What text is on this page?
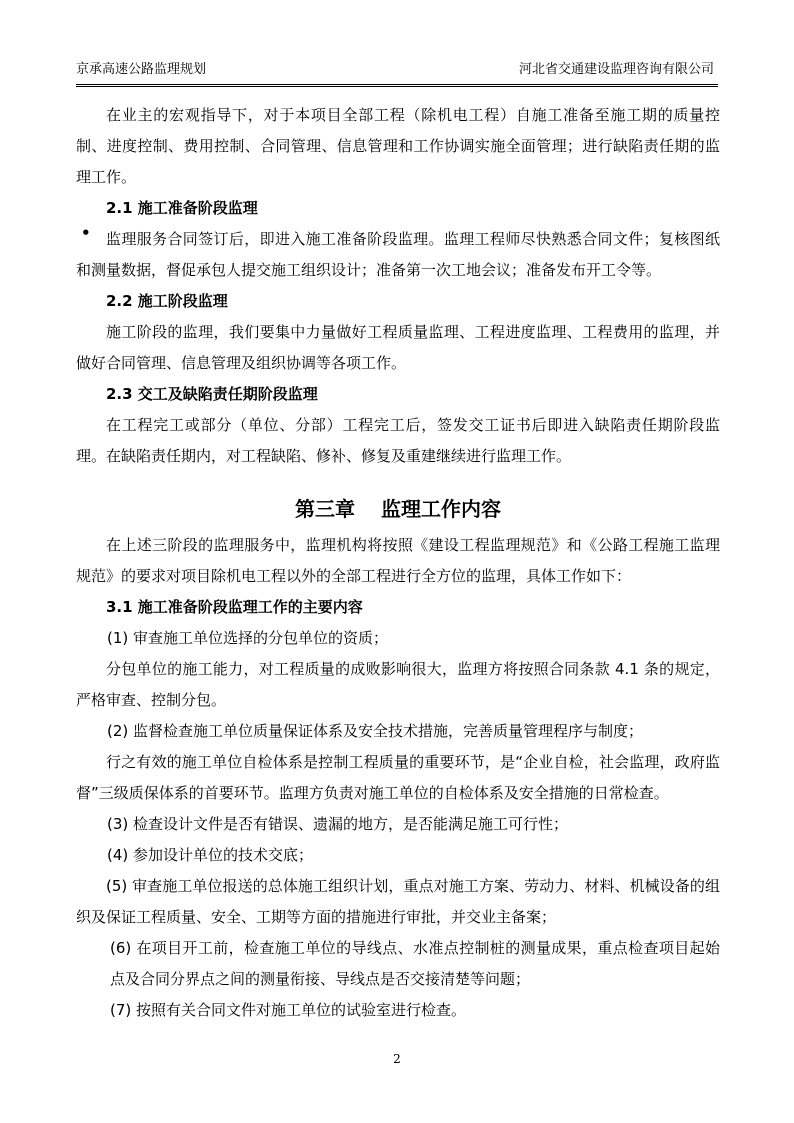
京承高速公路监理规划	河北省交通建设监理咨询有限公司

在业主的宏观指导下，对于本项目全部工程（除机电工程）自施工准备至施工期的质量控制、进度控制、费用控制、合同管理、信息管理和工作协调实施全面管理；进行缺陷责任期的监理工作。

2.1 施工准备阶段监理
•	监理服务合同签订后，即进入施工准备阶段监理。监理工程师尽快熟悉合同文件；复核图纸和测量数据，督促承包人提交施工组织设计；准备第一次工地会议；准备发布开工令等。

2.2 施工阶段监理

施工阶段的监理，我们要集中力量做好工程质量监理、工程进度监理、工程费用的监理，并做好合同管理、信息管理及组织协调等各项工作。

2.3 交工及缺陷责任期阶段监理

在工程完工或部分（单位、分部）工程完工后，签发交工证书后即进入缺陷责任期阶段监理。在缺陷责任期内，对工程缺陷、修补、修复及重建继续进行监理工作。

第三章 监理工作内容

在上述三阶段的监理服务中，监理机构将按照《建设工程监理规范》和《公路工程施工监理规范》的要求对项目除机电工程以外的全部工程进行全方位的监理，具体工作如下：

3.1 施工准备阶段监理工作的主要内容

(1) 审查施工单位选择的分包单位的资质；

分包单位的施工能力，对工程质量的成败影响很大，监理方将按照合同条款 4.1 条的规定，严格审查、控制分包。

(2) 监督检查施工单位质量保证体系及安全技术措施，完善质量管理程序与制度；

行之有效的施工单位自检体系是控制工程质量的重要环节，是“企业自检，社会监理，政府监督”三级质保体系的首要环节。监理方负责对施工单位的自检体系及安全措施的日常检查。

(3) 检查设计文件是否有错误、遗漏的地方，是否能满足施工可行性；

(4) 参加设计单位的技术交底；

(5) 审查施工单位报送的总体施工组织计划，重点对施工方案、劳动力、材料、机械设备的组织及保证工程质量、安全、工期等方面的措施进行审批，并交业主备案；

(6) 在项目开工前，检查施工单位的导线点、水准点控制桩的测量成果，重点检查项目起始点及合同分界点之间的测量衔接、导线点是否交接清楚等问题；

(7) 按照有关合同文件对施工单位的试验室进行检查。

2
